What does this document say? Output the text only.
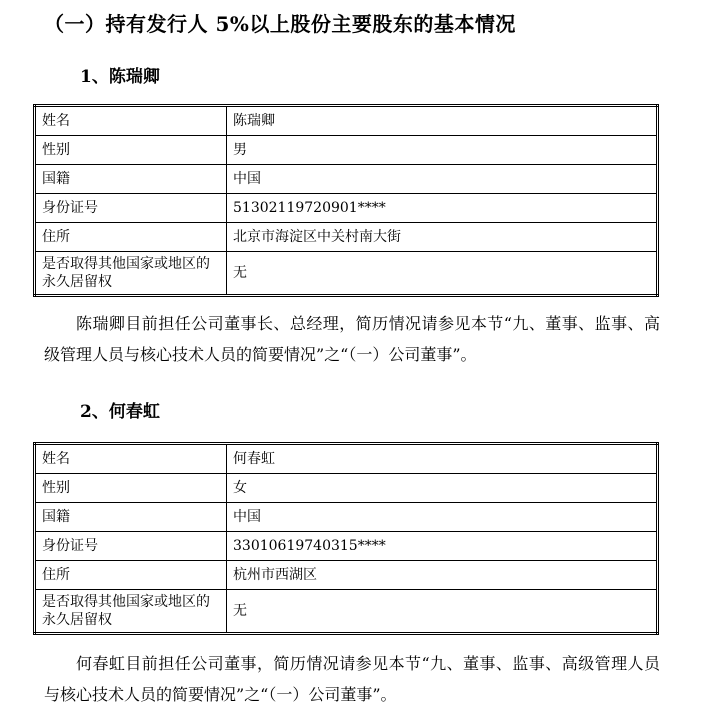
（一）持有发行人 5%以上股份主要股东的基本情况
1、陈瑞卿
姓名	陈瑞卿
性别	男
国籍	中国
身份证号	51302119720901****
住所	北京市海淀区中关村南大街
是否取得其他国家或地区的永久居留权	无

陈瑞卿目前担任公司董事长、总经理，简历情况请参见本节“九、董事、监事、高级管理人员与核心技术人员的简要情况”之“（一）公司董事”。

2、何春虹
姓名	何春虹
性别	女
国籍	中国
身份证号	33010619740315****
住所	杭州市西湖区
是否取得其他国家或地区的永久居留权	无

何春虹目前担任公司董事，简历情况请参见本节“九、董事、监事、高级管理人员与核心技术人员的简要情况”之“（一）公司董事”。
